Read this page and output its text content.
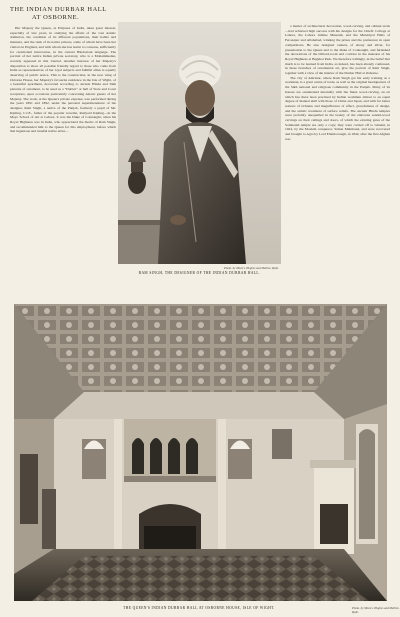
THE INDIAN DURBAR HALL
AT OSBORNE.

Her Majesty the Queen, as Empress of India, takes great interest, especially of late years, in studying the affairs of the vast Asiatic dominion, the condition of its different populations, their habits and manners, and the rank of its native princes, some of whom have been her visitors in England, and with whom she has learnt to converse, sufficiently for ceremonial intercourse, in the current Hindostani language. The portrait of her native Indian private secretary, who is a Mohammedan, recently appeared in this Journal. Another instance of her Majesty's disposition to show all possible friendly regard to those who come from India as representatives of her loyal subjects and faithful allies is equally deserving of public notice. This is the construction, in the new wing of Osborne House, her Majesty's favourite residence in the Isle of Wight, of a beautiful apartment, decorated according to ancient Hindu and Sikh patterns of ornament, to be used as a "Durbar" or hall of State and Court receptions, upon occasions particularly concerning Asiatic guests of her Majesty. The work, at the Queen's private expense, was performed during the years 1891 and 1892, under the personal superintendence of the designer, Ram Singh, a native of the Punjab, formerly a pupil of Mr. Kipling, C.I.E., father of the popular novelist, Rudyard Kipling—in the Mayo School of Art at Lahore. It was the Duke of Connaught, when his Royal Highness was in India, who appreciated the merits of Ram Singh, and recommended him to the Queen for this employment, before which that ingenious and tasteful native artist—

Photo. by Messrs. Hughes and Mullins, Ryde.
RAM SINGH, THE DESIGNER OF THE INDIAN DURBAR HALL.

a master of architectural decoration, wood-carving, and cabinet-work—had achieved high success with his designs for the Chiefs' College at Lahore, the Lahore Jubilee Museum, and the Municipal Halls of Ferozepur and Allahabad, winning the prizes and the preference in open competitions. He also designed caskets, of ebony and silver, for presentation to the Queen and to the Duke of Connaught, and furnished the decorations of the billiard-room and corridor in the mansion of his Royal Highness at Bagshot Park. We therefore willingly, in the belief that much is to be learned from India, as indeed, has been already confessed, in these branches of ornamental art, give the portrait of Ram Singh, together with a view of the interior of the Durbar Hall at Osborne.

The city of Amritsar, where Ram Singh got his early training as a workman, is a great centre of trade, as well as the original headquarters of the Sikh national and religious community in the Punjab. Many of its houses are ornamented internally with the finest wood-carving, an art which has there been practised by Indian workmen almost to an equal degree of manual skill with those of China and Japan, and with far better notions of richness and magnificence of effect, gracefulness of design, and the artistic treatment of surface reliefs. The ancient Hindu temples were probably unequalled in the beauty of the elaborate sandal-wood carvings on their ceilings and doors, of which the existing gates of the Somnauth temple are only a copy; they were carried off to Ghuzni, in 1024, by the Moslem conqueror, Sultan Mahmoud, and were recovered and brought to Agra by Lord Ellenborough, in 1842, after the first Afghan war.

THE QUEEN'S INDIAN DURBAR HALL AT OSBORNE HOUSE, ISLE OF WIGHT.	Photo. by Messrs. Hughes and Mullins, Ryde.
